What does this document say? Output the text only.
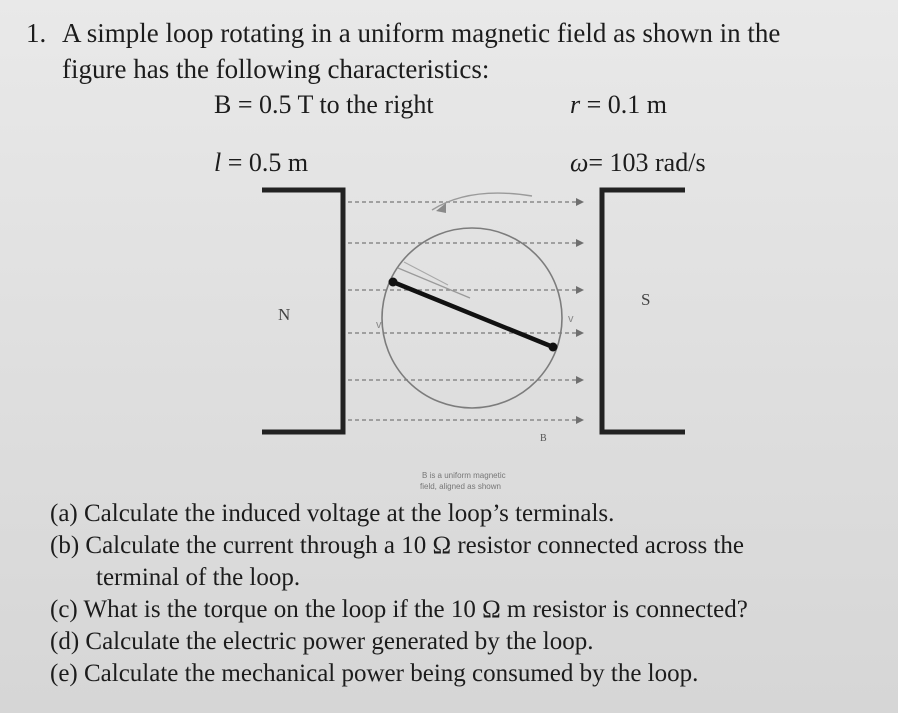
1. A simple loop rotating in a uniform magnetic field as shown in the
figure has the following characteristics:
B = 0.5 T to the right	r = 0.1 m
l = 0.5 m	ω= 103 rad/s
v	v
N
S
B
B is a uniform magnetic
field, aligned as shown
(a) Calculate the induced voltage at the loop’s terminals.
(b) Calculate the current through a 10 Ω resistor connected across the
terminal of the loop.
(c) What is the torque on the loop if the 10 Ω m resistor is connected?
(d) Calculate the electric power generated by the loop.
(e) Calculate the mechanical power being consumed by the loop.
